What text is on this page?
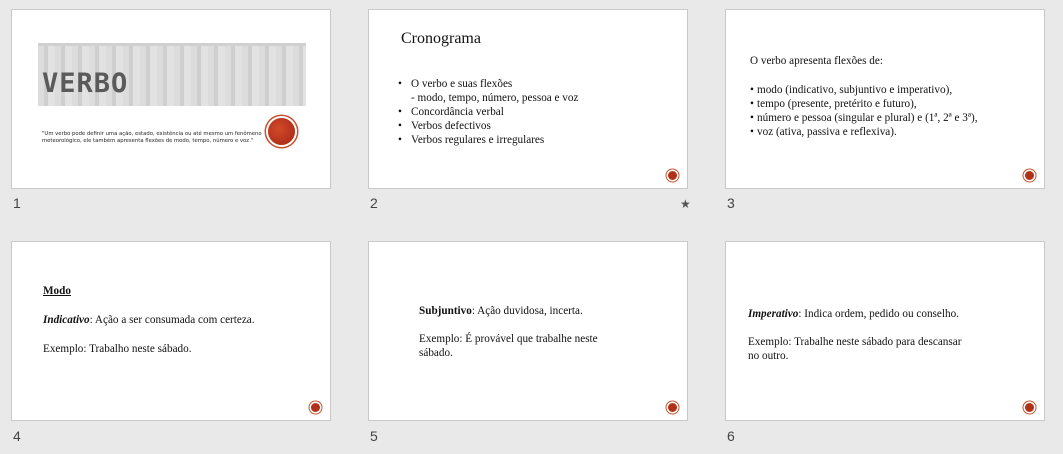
VERBO
"Um verbo pode definir uma ação, estado, existência ou até mesmo um fenômeno meteorológico, ele também apresenta flexões de modo, tempo, número e voz."
1
Cronograma
• O verbo e suas flexões
- modo, tempo, número, pessoa e voz
• Concordância verbal
• Verbos defectivos
• Verbos regulares e irregulares
2	★
O verbo apresenta flexões de:
• modo (indicativo, subjuntivo e imperativo),
• tempo (presente, pretérito e futuro),
• número e pessoa (singular e plural) e (1ª, 2ª e 3ª),
• voz (ativa, passiva e reflexiva).
3
Modo
Indicativo: Ação a ser consumada com certeza.
Exemplo: Trabalho neste sábado.
4
Subjuntivo: Ação duvidosa, incerta.
Exemplo: É provável que trabalhe neste
sábado.
5
Imperativo: Indica ordem, pedido ou conselho.
Exemplo: Trabalhe neste sábado para descansar
no outro.
6
